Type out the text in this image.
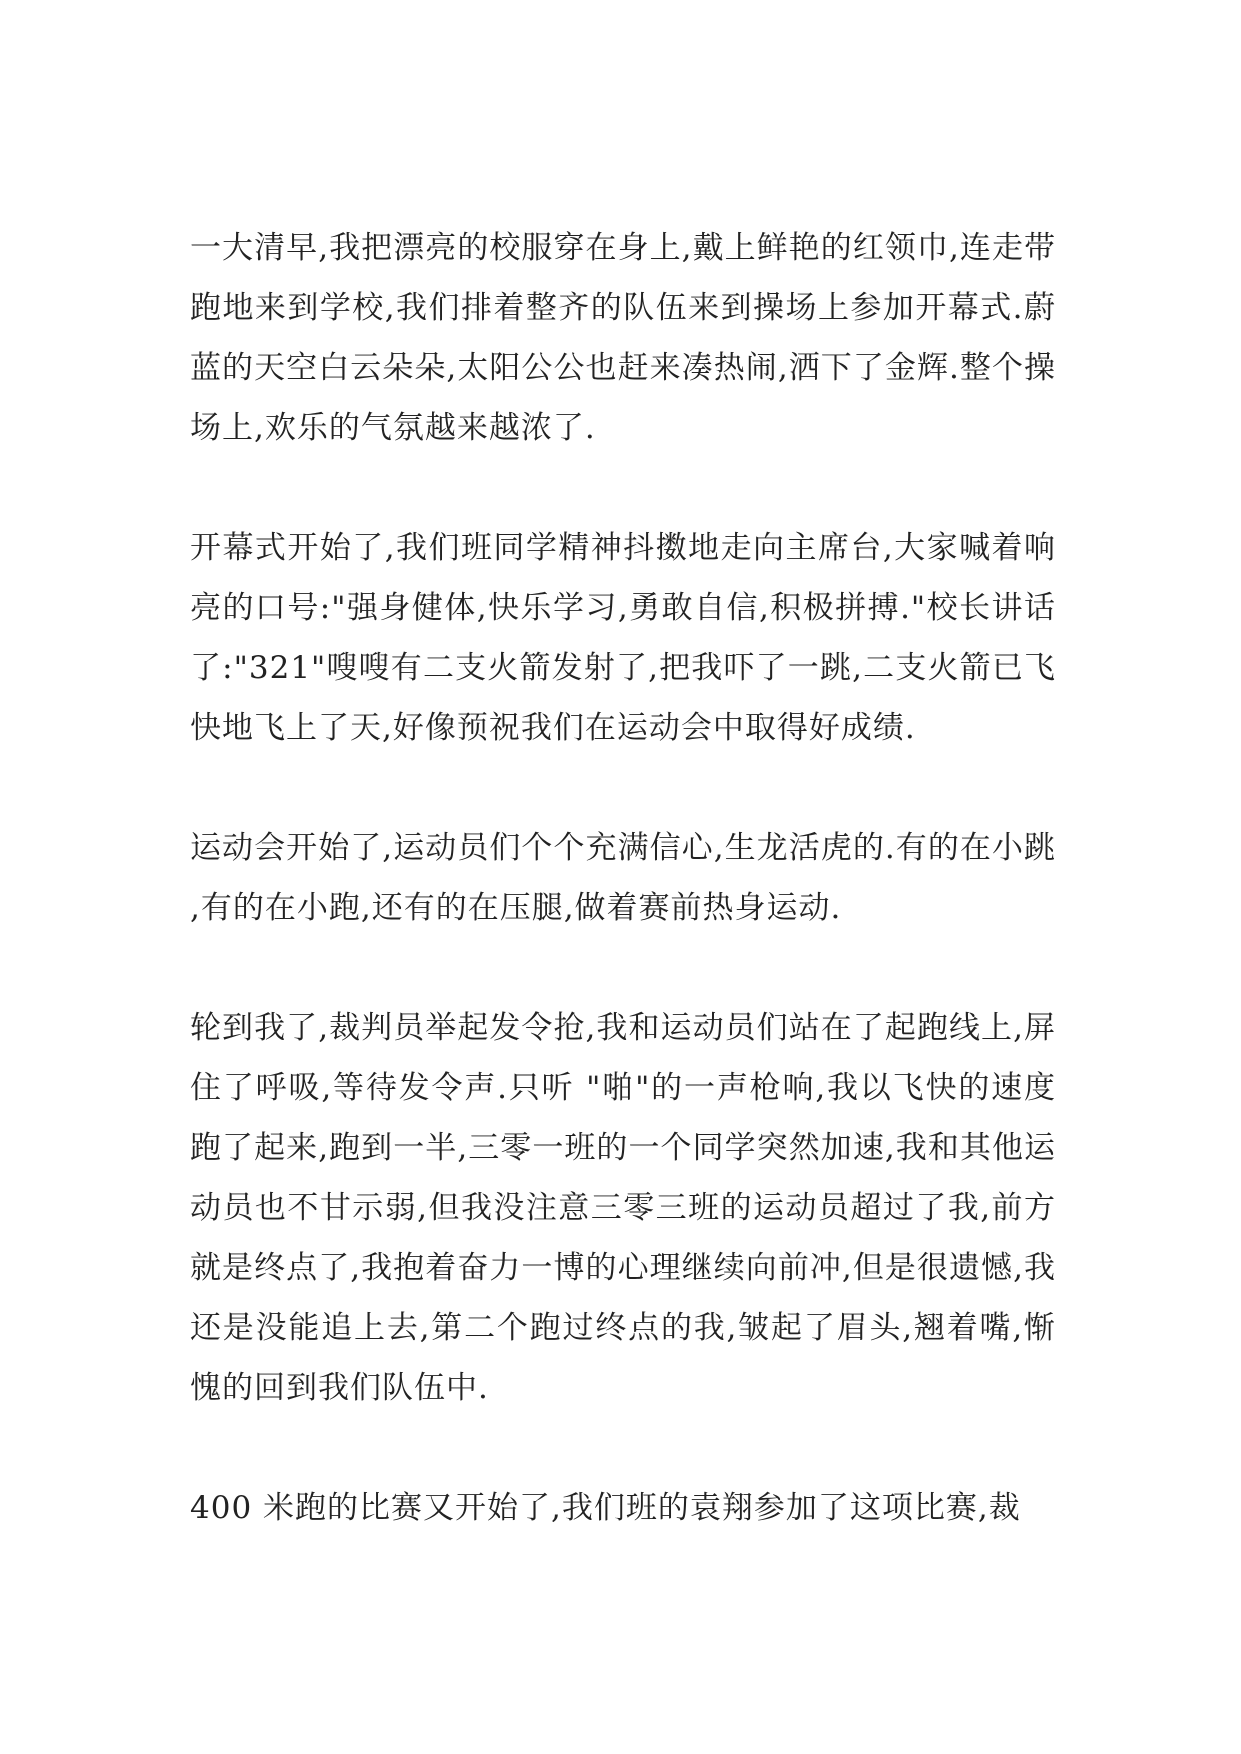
一大清早,我把漂亮的校服穿在身上,戴上鲜艳的红领巾,连走带跑地来到学校,我们排着整齐的队伍来到操场上参加开幕式.蔚蓝的天空白云朵朵,太阳公公也赶来凑热闹,洒下了金辉.整个操场上,欢乐的气氛越来越浓了.

开幕式开始了,我们班同学精神抖擞地走向主席台,大家喊着响亮的口号:"强身健体,快乐学习,勇敢自信,积极拼搏."校长讲话了:"321"嗖嗖有二支火箭发射了,把我吓了一跳,二支火箭已飞快地飞上了天,好像预祝我们在运动会中取得好成绩.

运动会开始了,运动员们个个充满信心,生龙活虎的.有的在小跳,有的在小跑,还有的在压腿,做着赛前热身运动.

轮到我了,裁判员举起发令抢,我和运动员们站在了起跑线上,屏住了呼吸,等待发令声.只听 "啪"的一声枪响,我以飞快的速度跑了起来,跑到一半,三零一班的一个同学突然加速,我和其他运动员也不甘示弱,但我没注意三零三班的运动员超过了我,前方就是终点了,我抱着奋力一博的心理继续向前冲,但是很遗憾,我还是没能追上去,第二个跑过终点的我,皱起了眉头,翘着嘴,惭愧的回到我们队伍中.

400 米跑的比赛又开始了,我们班的袁翔参加了这项比赛,裁
